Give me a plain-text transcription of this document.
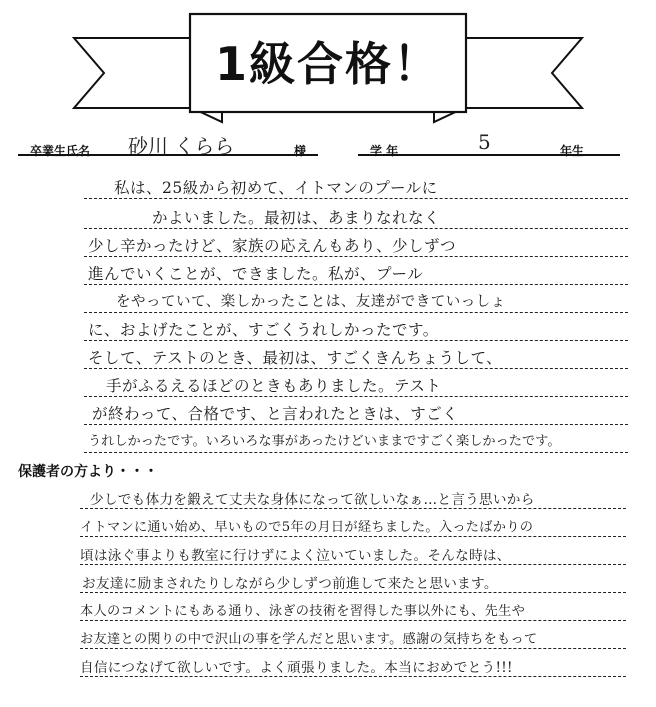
1級合格！
卒業生氏名 砂川 くらら	様	学 年	5	年生
私は、25級から初めて、イトマンのプールに
かよいました。最初は、あまりなれなく
少し辛かったけど、家族の応えんもあり、少しずつ
進んでいくことが、できました。私が、プール
をやっていて、楽しかったことは、友達ができていっしょ
に、およげたことが、すごくうれしかったです。
そして、テストのとき、最初は、すごくきんちょうして、
手がふるえるほどのときもありました。テスト
が終わって、合格です、と言われたときは、すごく
うれしかったです。いろいろな事があったけどいままですごく楽しかったです。
保護者の方より・・・
少しでも体力を鍛えて丈夫な身体になって欲しいなぁ…と言う思いから
イトマンに通い始め、早いもので5年の月日が経ちました。入ったばかりの
頃は泳ぐ事よりも教室に行けずによく泣いていました。そんな時は、
お友達に励まされたりしながら少しずつ前進して来たと思います。
本人のコメントにもある通り、泳ぎの技術を習得した事以外にも、先生や
お友達との関りの中で沢山の事を学んだと思います。感謝の気持ちをもって
自信につなげて欲しいです。よく頑張りました。本当におめでとう!!!
